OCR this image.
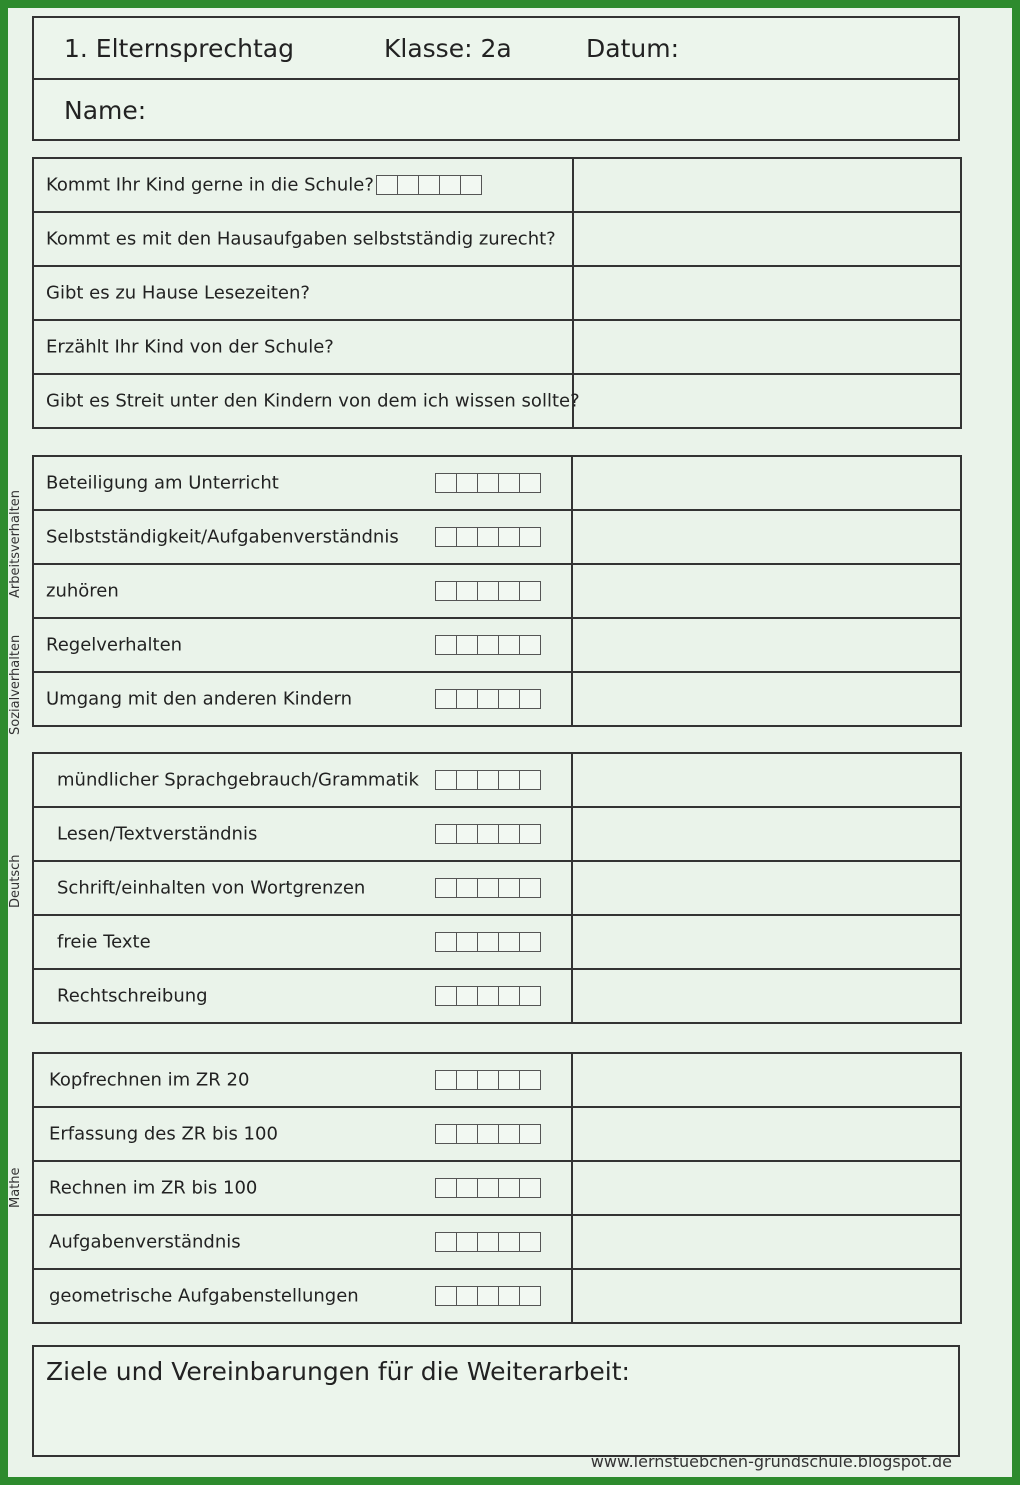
1. Elternsprechtag	Klasse: 2a	Datum:
Name:
Kommt Ihr Kind gerne in die Schule?	

Kommt es mit den Hausaufgaben selbstständig zurecht?	

Gibt es zu Hause Lesezeiten?	

Erzählt Ihr Kind von der Schule?	

Gibt es Streit unter den Kindern von dem ich wissen sollte?	

Arbeitsverhalten
Sozialverhalten
Beteiligung am Unterricht	

Selbstständigkeit/Aufgabenverständnis	

zuhören	

Regelverhalten	

Umgang mit den anderen Kindern	

Deutsch
mündlicher Sprachgebrauch/Grammatik	

Lesen/Textverständnis	

Schrift/einhalten von Wortgrenzen	

freie Texte	

Rechtschreibung	

Mathe
Kopfrechnen im ZR 20	

Erfassung des ZR bis 100	

Rechnen im ZR bis 100	

Aufgabenverständnis	

geometrische Aufgabenstellungen	

Ziele und Vereinbarungen für die Weiterarbeit:
www.lernstuebchen-grundschule.blogspot.de
